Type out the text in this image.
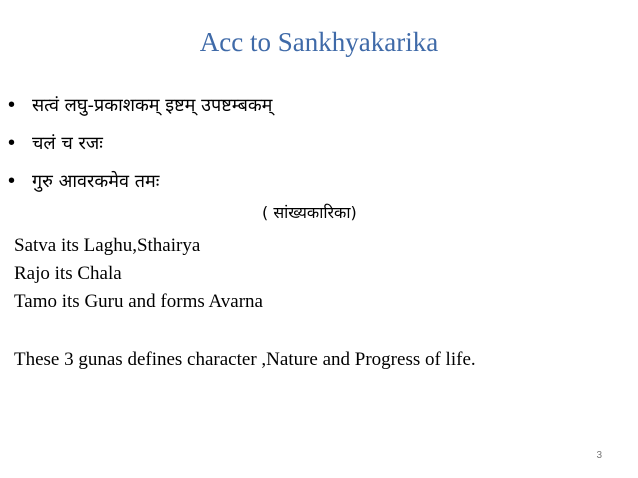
Acc to Sankhyakarika
• सत्वं लघु-प्रकाशकम् इष्टम् उपष्टम्बकम्
• चलं च रजः
• गुरु आवरकमेव तमः
( सांख्यकारिका)
Satva its Laghu,Sthairya
Rajo its Chala
Tamo its Guru and forms Avarna
These 3 gunas defines character ,Nature and Progress of life.
3
